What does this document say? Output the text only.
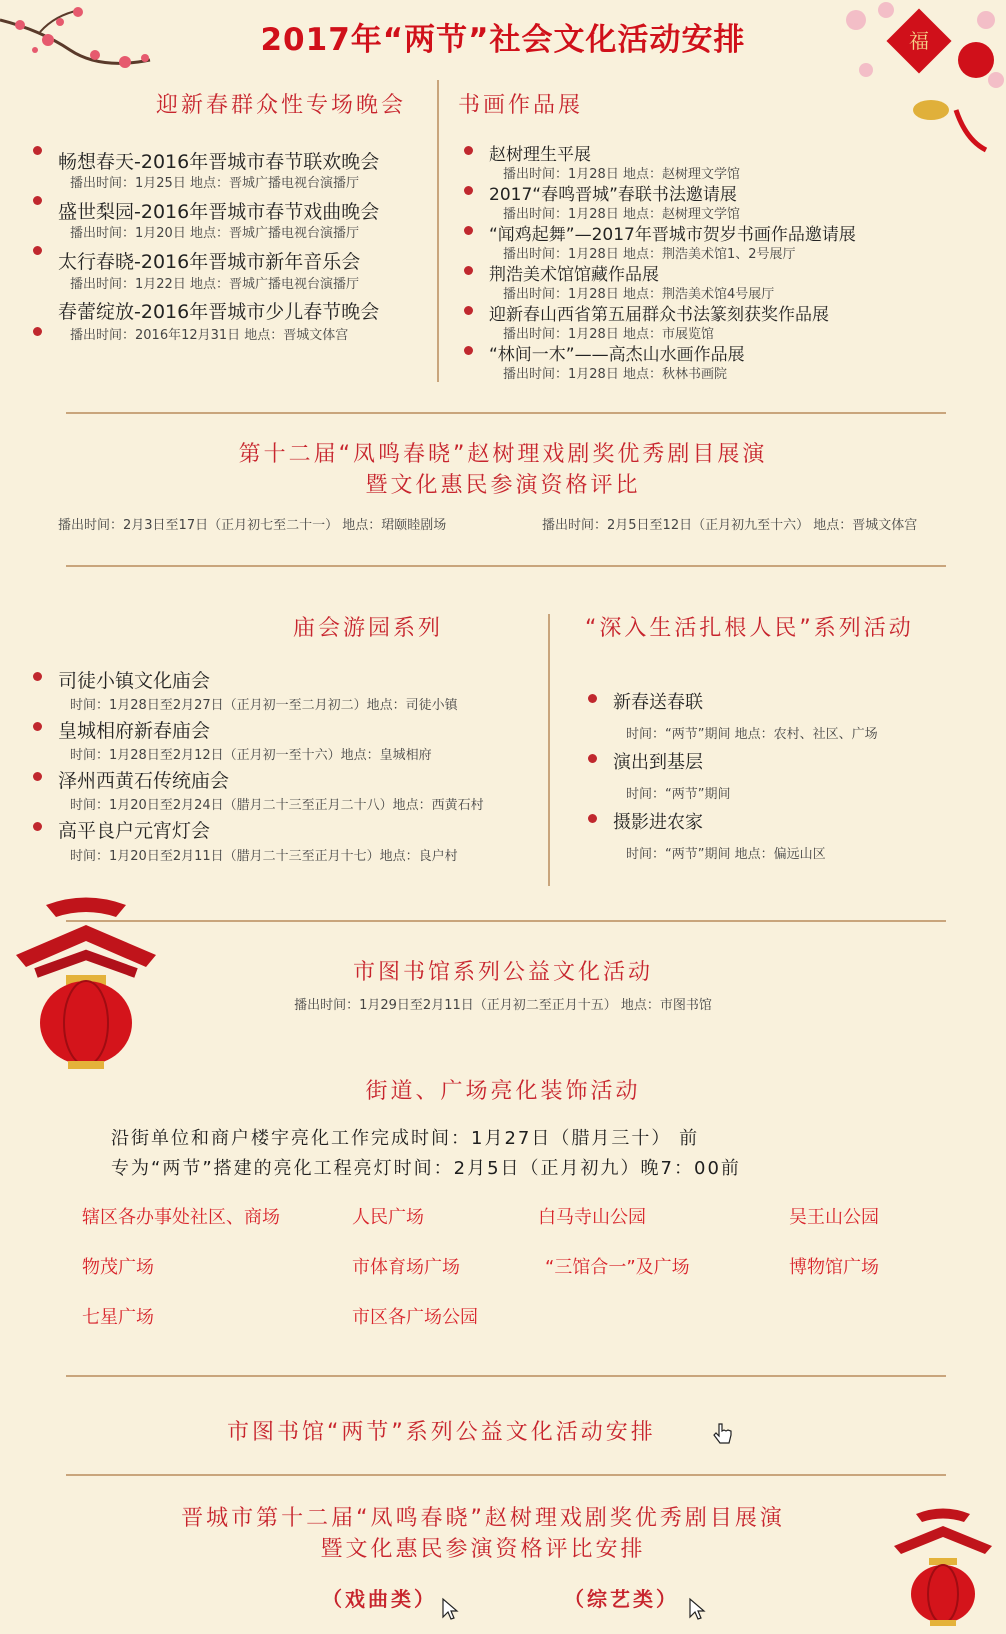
福
2017年“两节”社会文化活动安排
迎新春群众性专场晚会
畅想春天-2016年晋城市春节联欢晚会
播出时间：1月25日 地点：晋城广播电视台演播厅
盛世梨园-2016年晋城市春节戏曲晚会
播出时间：1月20日 地点：晋城广播电视台演播厅
太行春晓-2016年晋城市新年音乐会
播出时间：1月22日 地点：晋城广播电视台演播厅
春蕾绽放-2016年晋城市少儿春节晚会
播出时间：2016年12月31日 地点：晋城文体宫
书画作品展
赵树理生平展
播出时间：1月28日 地点：赵树理文学馆
2017“春鸣晋城”春联书法邀请展
播出时间：1月28日 地点：赵树理文学馆
“闻鸡起舞”—2017年晋城市贺岁书画作品邀请展
播出时间：1月28日 地点：荆浩美术馆1、2号展厅
荆浩美术馆馆藏作品展
播出时间：1月28日 地点：荆浩美术馆4号展厅
迎新春山西省第五届群众书法篆刻获奖作品展
播出时间：1月28日 地点：市展览馆
“林间一木”——高杰山水画作品展
播出时间：1月28日 地点：秋林书画院
第十二届“凤鸣春晓”赵树理戏剧奖优秀剧目展演
暨文化惠民参演资格评比
播出时间：2月3日至17日（正月初七至二十一） 地点：珺颐睦剧场	播出时间：2月5日至12日（正月初九至十六） 地点：晋城文体宫
庙会游园系列
司徒小镇文化庙会
时间：1月28日至2月27日（正月初一至二月初二）地点：司徒小镇
皇城相府新春庙会
时间：1月28日至2月12日（正月初一至十六）地点：皇城相府
泽州西黄石传统庙会
时间：1月20日至2月24日（腊月二十三至正月二十八）地点：西黄石村
高平良户元宵灯会
时间：1月20日至2月11日（腊月二十三至正月十七）地点：良户村
“深入生活扎根人民”系列活动
新春送春联
时间：“两节”期间 地点：农村、社区、广场
演出到基层
时间：“两节”期间
摄影进农家
时间：“两节”期间 地点：偏远山区
市图书馆系列公益文化活动
播出时间：1月29日至2月11日（正月初二至正月十五） 地点：市图书馆
街道、广场亮化装饰活动
沿街单位和商户楼宇亮化工作完成时间：1月27日（腊月三十） 前
专为“两节”搭建的亮化工程亮灯时间：2月5日（正月初九）晚7：00前
辖区各办事处社区、商场	人民广场	白马寺山公园	吴王山公园
物茂广场	市体育场广场	“三馆合一”及广场	博物馆广场
七星广场	市区各广场公园
市图书馆“两节”系列公益文化活动安排
晋城市第十二届“凤鸣春晓”赵树理戏剧奖优秀剧目展演
暨文化惠民参演资格评比安排
（戏曲类）	（综艺类）
